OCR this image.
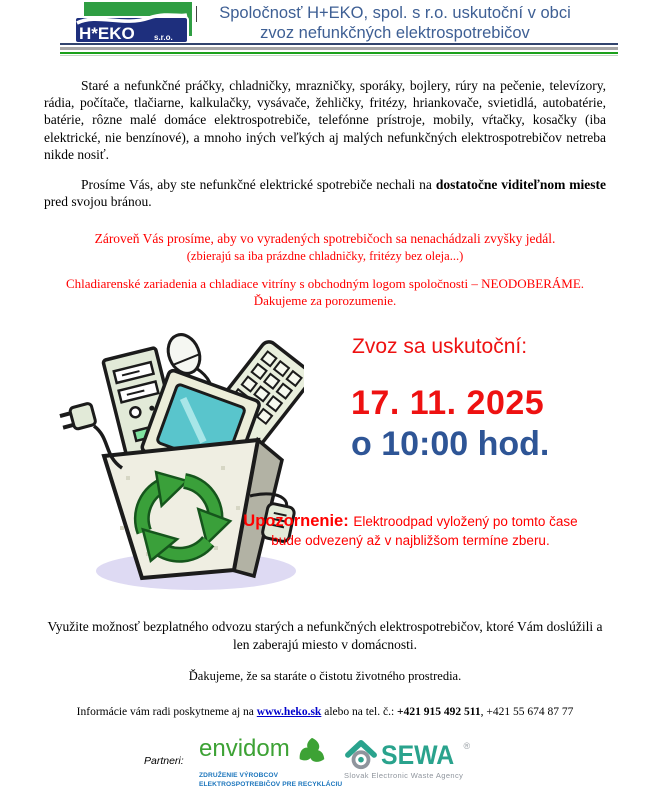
H*EKO s.r.o.
Spoločnosť H+EKO, spol. s r.o. uskutoční v obci
zvoz nefunkčných elektrospotrebičov
Staré a nefunkčné práčky, chladničky, mrazničky, sporáky, bojlery, rúry na pečenie, televízory, rádia, počítače, tlačiarne, kalkulačky, vysávače, žehličky, fritézy, hriankovače, svietidlá, autobatérie, batérie, rôzne malé domáce elektrospotrebiče, telefónne prístroje, mobily, vŕtačky, kosačky (iba elektrické, nie benzínové), a mnoho iných veľkých aj malých nefunkčných elektrospotrebičov netreba nikde nosiť.
Prosíme Vás, aby ste nefunkčné elektrické spotrebiče nechali na dostatočne viditeľnom mieste pred svojou bránou.
Zároveň Vás prosíme, aby vo vyradených spotrebičoch sa nenachádzali zvyšky jedál.
(zbierajú sa iba prázdne chladničky, fritézy bez oleja...)
Chladiarenské zariadenia a chladiace vitríny s obchodným logom spoločnosti – NEODOBERÁME.
Ďakujeme za porozumenie.
Zvoz sa uskutoční:
17. 11. 2025
o 10:00 hod.
Upozornenie: Elektroodpad vyložený po tomto čase bude odvezený až v najbližšom termíne zberu.
Využite možnosť bezplatného odvozu starých a nefunkčných elektrospotrebičov, ktoré Vám doslúžili a len zaberajú miesto v domácnosti.
Ďakujeme, že sa staráte o čistotu životného prostredia.
Informácie vám radi poskytneme aj na www.heko.sk alebo na tel. č.: +421 915 492 511, +421 55 674 87 77
Partneri: envidom
ZDRUŽENIE VÝROBCOV
ELEKTROSPOTREBIČOV PRE RECYKLÁCIU
SEWA ®
Slovak Electronic Waste Agency
